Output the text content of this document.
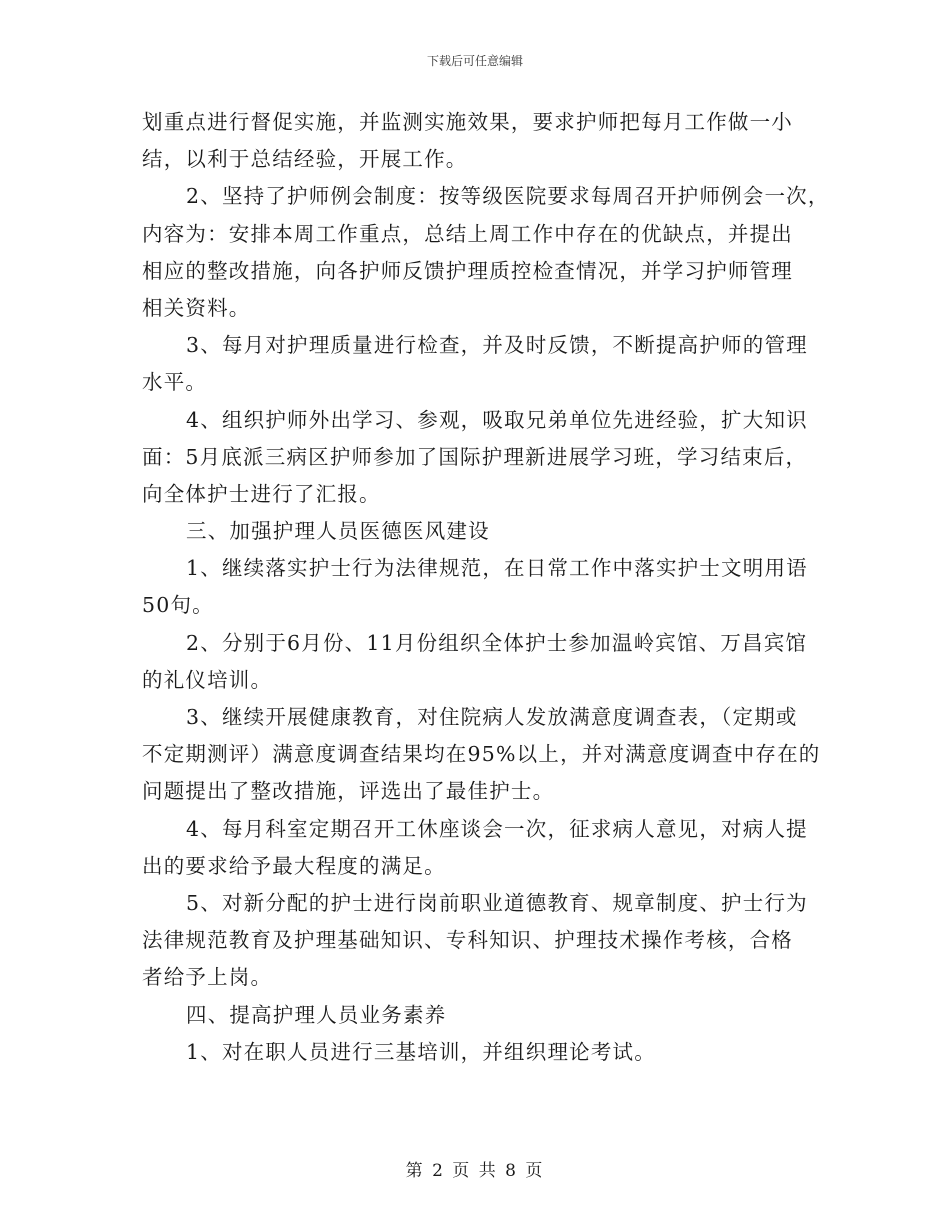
下载后可任意编辑
划重点进行督促实施，并监测实施效果，要求护师把每月工作做一小
结，以利于总结经验，开展工作。
2、坚持了护师例会制度：按等级医院要求每周召开护师例会一次，
内容为：安排本周工作重点，总结上周工作中存在的优缺点，并提出
相应的整改措施，向各护师反馈护理质控检查情况，并学习护师管理
相关资料。
3、每月对护理质量进行检查，并及时反馈，不断提高护师的管理
水平。
4、组织护师外出学习、参观，吸取兄弟单位先进经验，扩大知识
面：5月底派三病区护师参加了国际护理新进展学习班，学习结束后，
向全体护士进行了汇报。
三、加强护理人员医德医风建设
1、继续落实护士行为法律规范，在日常工作中落实护士文明用语
50句。
2、分别于6月份、11月份组织全体护士参加温岭宾馆、万昌宾馆
的礼仪培训。
3、继续开展健康教育，对住院病人发放满意度调查表，（定期或
不定期测评）满意度调查结果均在95%以上，并对满意度调查中存在的
问题提出了整改措施，评选出了最佳护士。
4、每月科室定期召开工休座谈会一次，征求病人意见，对病人提
出的要求给予最大程度的满足。
5、对新分配的护士进行岗前职业道德教育、规章制度、护士行为
法律规范教育及护理基础知识、专科知识、护理技术操作考核，合格
者给予上岗。
四、提高护理人员业务素养
1、对在职人员进行三基培训，并组织理论考试。
第 2 页 共 8 页
